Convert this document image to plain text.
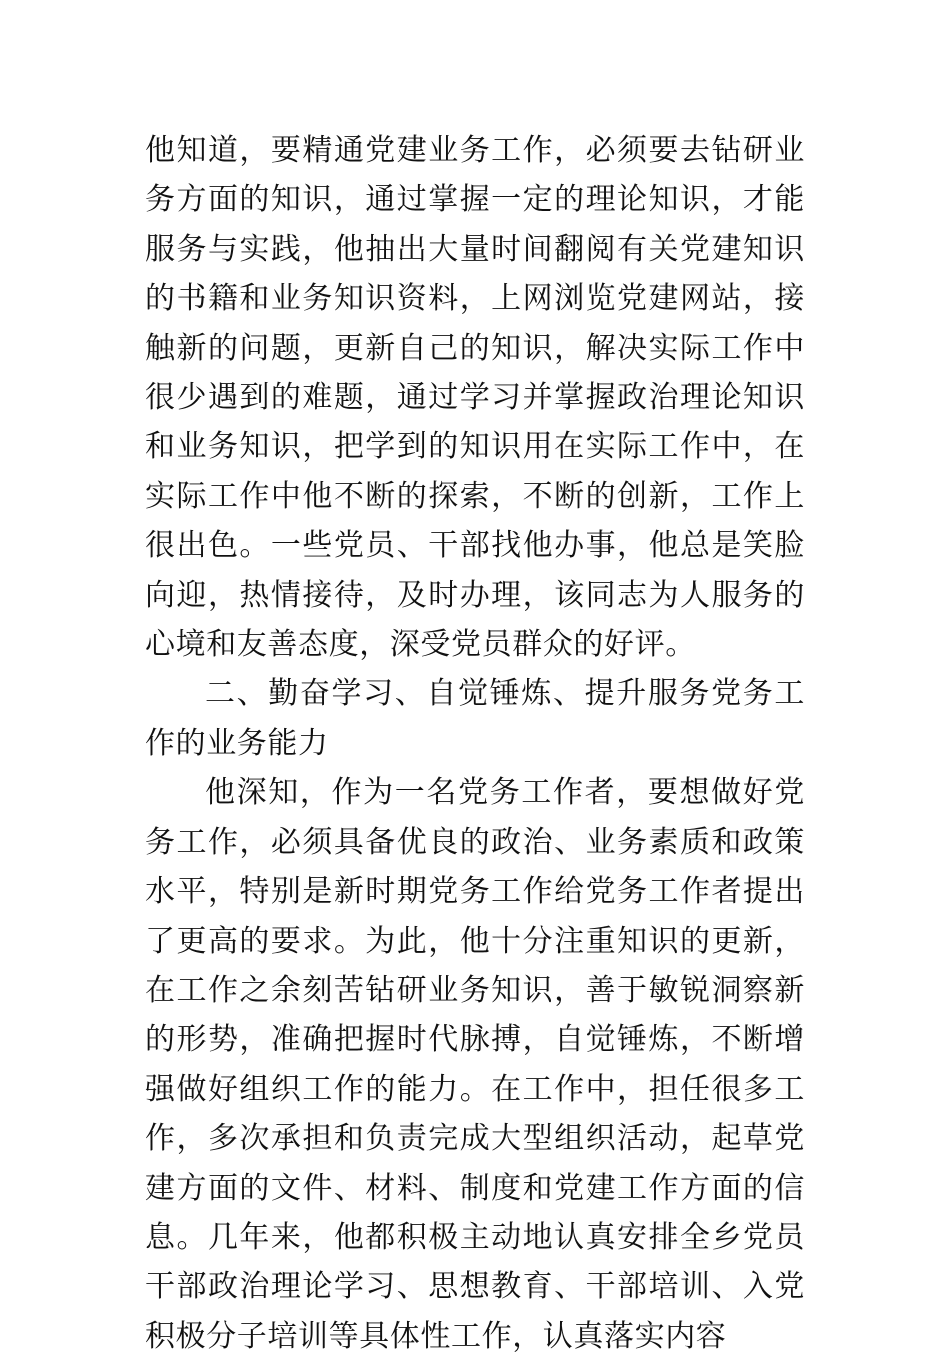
他知道，要精通党建业务工作，必须要去钻研业务方面的知识，通过掌握一定的理论知识，才能服务与实践，他抽出大量时间翻阅有关党建知识的书籍和业务知识资料，上网浏览党建网站，接触新的问题，更新自己的知识，解决实际工作中很少遇到的难题，通过学习并掌握政治理论知识和业务知识，把学到的知识用在实际工作中，在实际工作中他不断的探索，不断的创新，工作上很出色。一些党员、干部找他办事，他总是笑脸向迎，热情接待，及时办理，该同志为人服务的心境和友善态度，深受党员群众的好评。

二、勤奋学习、自觉锤炼、提升服务党务工作的业务能力

他深知，作为一名党务工作者，要想做好党务工作，必须具备优良的政治、业务素质和政策水平，特别是新时期党务工作给党务工作者提出了更高的要求。为此，他十分注重知识的更新，在工作之余刻苦钻研业务知识，善于敏锐洞察新的形势，准确把握时代脉搏，自觉锤炼，不断增强做好组织工作的能力。在工作中，担任很多工作，多次承担和负责完成大型组织活动，起草党建方面的文件、材料、制度和党建工作方面的信息。几年来，他都积极主动地认真安排全乡党员干部政治理论学习、思想教育、干部培训、入党积极分子培训等具体性工作，认真落实内容
